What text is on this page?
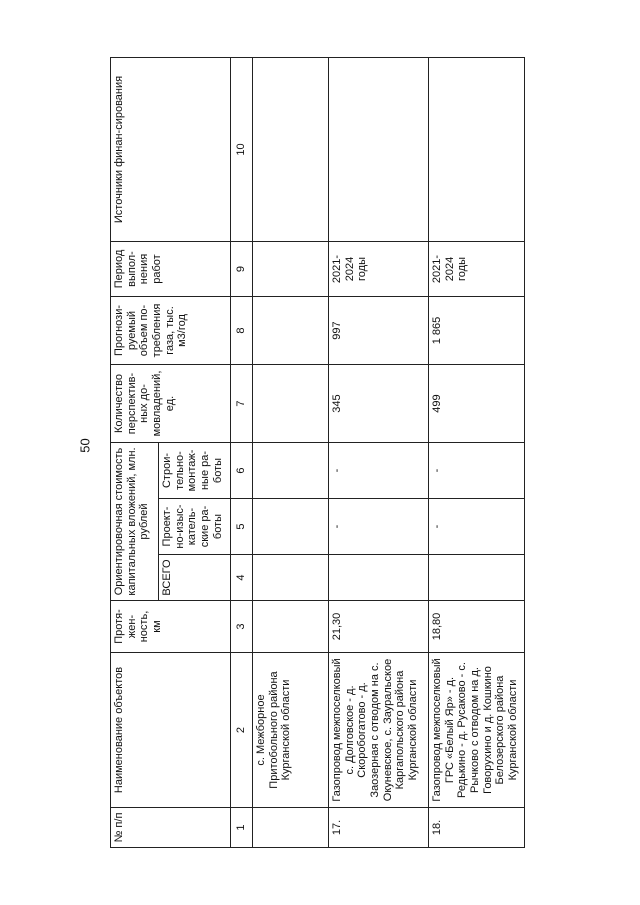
50
№ п/п	Наименование объектов	Протя-жен-ность, км	Ориентировочная стоимость капитальных вложений, млн. рублей			Количество перспектив-ных до-мовладений, ед.	Прогнози-руемый объем по-требления газа, тыс. м3/год	Период выпол-нения работ	Источники финан-сирования
			ВСЕГО	Проект-но-изыс-катель-ские ра-боты	Строи-тельно-монтаж-ные ра-боты				
1	2	3	4	5	6	7	8	9	10
	с. Межборное Притобольного района Курганской области								
17.	Газопровод межпоселковый с. Долговское - д. Скоробогатово - д. Заозерная с отводом на с. Окуневское, с. Зауральское Каргапольского района Курганской области	21,30		-	-	345	997	2021-2024 годы	
18.	Газопровод межпоселковый ГРС «Белый Яр» - д. Редькино - д. Русаково - с. Рычково с отводом на д. Говорухино и д. Кошкино Белозерского района Курганской области	18,80		-	-	499	1 865	2021-2024 годы	
